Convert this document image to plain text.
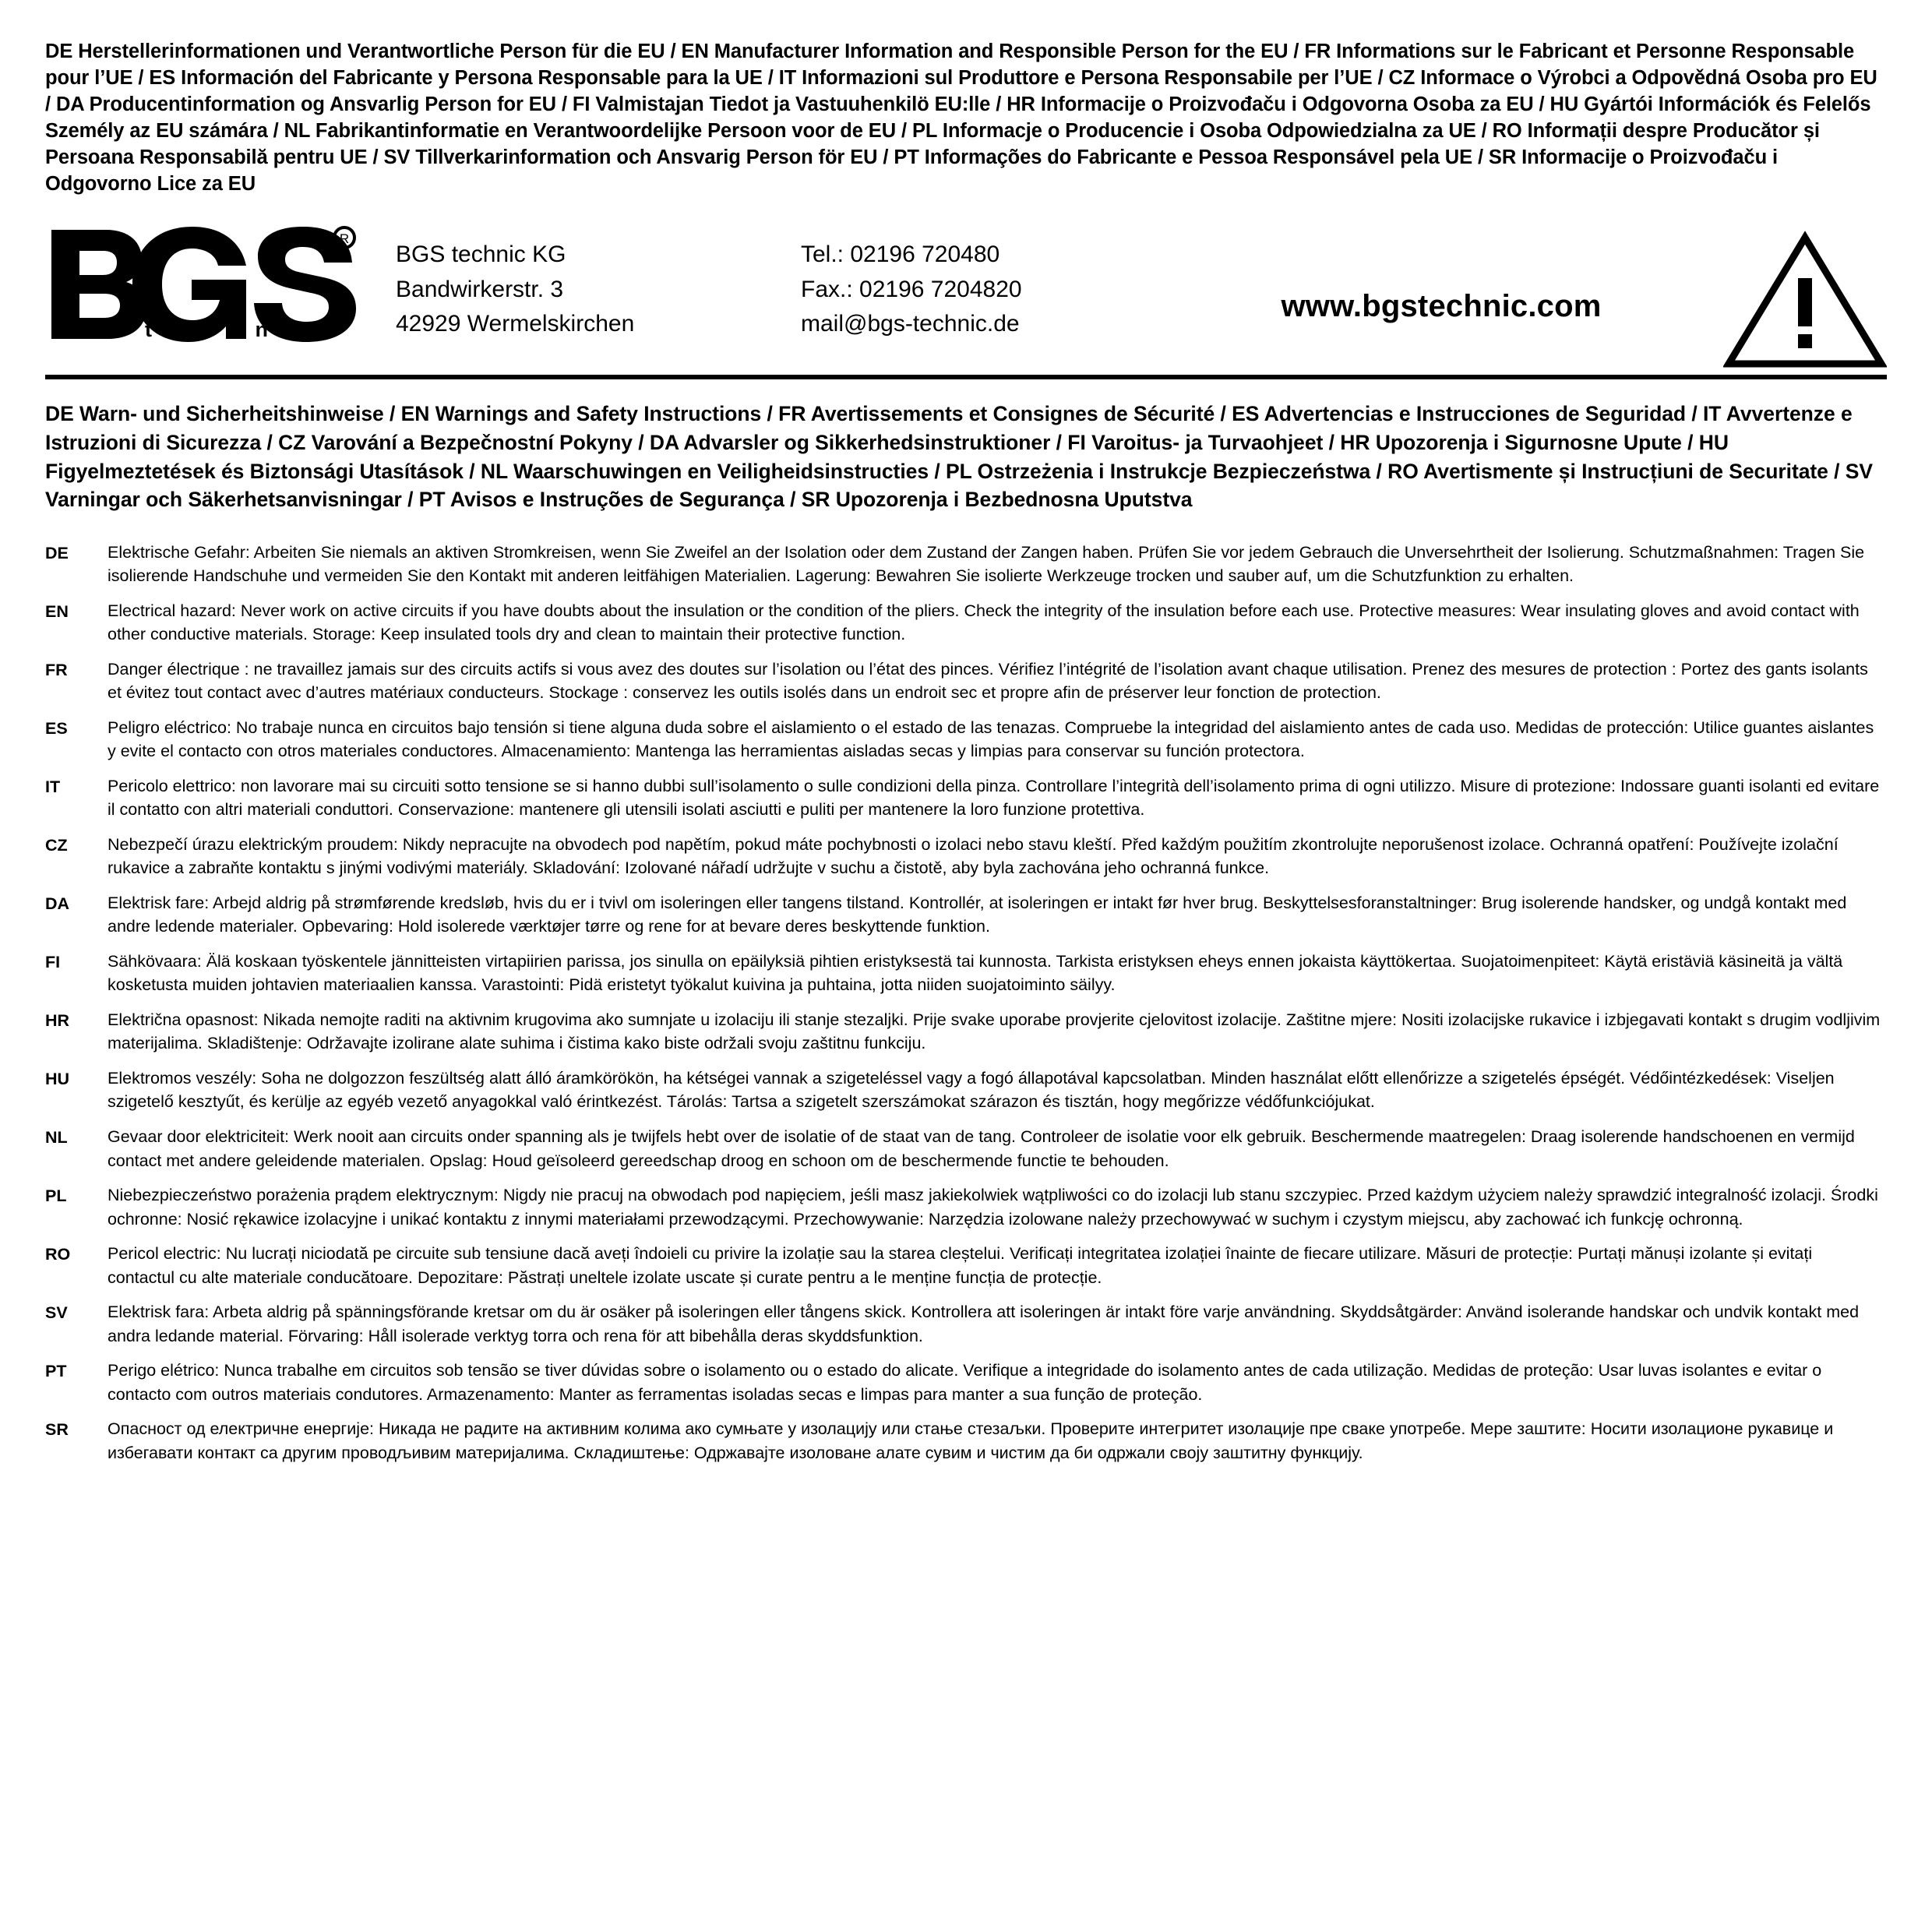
DE Herstellerinformationen und Verantwortliche Person für die EU / EN Manufacturer Information and Responsible Person for the EU / FR Informations sur le Fabricant et Personne Responsable pour l’UE / ES Información del Fabricante y Persona Responsable para la UE / IT Informazioni sul Produttore e Persona Responsabile per l’UE / CZ Informace o Výrobci a Odpovědná Osoba pro EU / DA Producentinformation og Ansvarlig Person for EU / FI Valmistajan Tiedot ja Vastuuhenkilö EU:lle / HR Informacije o Proizvođaču i Odgovorna Osoba za EU / HU Gyártói Információk és Felelős Személy az EU számára / NL Fabrikantinformatie en Verantwoordelijke Persoon voor de EU / PL Informacje o Producencie i Osoba Odpowiedzialna za UE / RO Informații despre Producător și Persoana Responsabilă pentru UE / SV Tillverkarinformation och Ansvarig Person för EU / PT Informações do Fabricante e Pessoa Responsável pela UE / SR Informacije o Proizvođaču i Odgovorno Lice za EU
R
t e c h n i c
BGS technic KG
Bandwirkerstr. 3
42929 Wermelskirchen
Tel.: 02196 720480
Fax.: 02196 7204820
mail@bgs-technic.de	www.bgstechnic.com
DE Warn- und Sicherheitshinweise / EN Warnings and Safety Instructions / FR Avertissements et Consignes de Sécurité / ES Advertencias e Instrucciones de Seguridad / IT Avvertenze e Istruzioni di Sicurezza / CZ Varování a Bezpečnostní Pokyny / DA Advarsler og Sikkerhedsinstruktioner / FI Varoitus- ja Turvaohjeet / HR Upozorenja i Sigurnosne Upute / HU Figyelmeztetések és Biztonsági Utasítások / NL Waarschuwingen en Veiligheidsinstructies / PL Ostrzeżenia i Instrukcje Bezpieczeństwa / RO Avertismente și Instrucțiuni de Securitate / SV Varningar och Säkerhetsanvisningar / PT Avisos e Instruções de Segurança / SR Upozorenja i Bezbednosna Uputstva
DE	Elektrische Gefahr: Arbeiten Sie niemals an aktiven Stromkreisen, wenn Sie Zweifel an der Isolation oder dem Zustand der Zangen haben. Prüfen Sie vor jedem Gebrauch die Unversehrtheit der Isolierung. Schutzmaßnahmen: Tragen Sie isolierende Handschuhe und vermeiden Sie den Kontakt mit anderen leitfähigen Materialien. Lagerung: Bewahren Sie isolierte Werkzeuge trocken und sauber auf, um die Schutzfunktion zu erhalten.
EN	Electrical hazard: Never work on active circuits if you have doubts about the insulation or the condition of the pliers. Check the integrity of the insulation before each use. Protective measures: Wear insulating gloves and avoid contact with other conductive materials. Storage: Keep insulated tools dry and clean to maintain their protective function.
FR	Danger électrique : ne travaillez jamais sur des circuits actifs si vous avez des doutes sur l’isolation ou l’état des pinces. Vérifiez l’intégrité de l’isolation avant chaque utilisation. Prenez des mesures de protection : Portez des gants isolants et évitez tout contact avec d’autres matériaux conducteurs. Stockage : conservez les outils isolés dans un endroit sec et propre afin de préserver leur fonction de protection.
ES	Peligro eléctrico: No trabaje nunca en circuitos bajo tensión si tiene alguna duda sobre el aislamiento o el estado de las tenazas. Compruebe la integridad del aislamiento antes de cada uso. Medidas de protección: Utilice guantes aislantes y evite el contacto con otros materiales conductores. Almacenamiento: Mantenga las herramientas aisladas secas y limpias para conservar su función protectora.
IT	Pericolo elettrico: non lavorare mai su circuiti sotto tensione se si hanno dubbi sull’isolamento o sulle condizioni della pinza. Controllare l’integrità dell’isolamento prima di ogni utilizzo. Misure di protezione: Indossare guanti isolanti ed evitare il contatto con altri materiali conduttori. Conservazione: mantenere gli utensili isolati asciutti e puliti per mantenere la loro funzione protettiva.
CZ	Nebezpečí úrazu elektrickým proudem: Nikdy nepracujte na obvodech pod napětím, pokud máte pochybnosti o izolaci nebo stavu kleští. Před každým použitím zkontrolujte neporušenost izolace. Ochranná opatření: Používejte izolační rukavice a zabraňte kontaktu s jinými vodivými materiály. Skladování: Izolované nářadí udržujte v suchu a čistotě, aby byla zachována jeho ochranná funkce.
DA	Elektrisk fare: Arbejd aldrig på strømførende kredsløb, hvis du er i tvivl om isoleringen eller tangens tilstand. Kontrollér, at isoleringen er intakt før hver brug. Beskyttelsesforanstaltninger: Brug isolerende handsker, og undgå kontakt med andre ledende materialer. Opbevaring: Hold isolerede værktøjer tørre og rene for at bevare deres beskyttende funktion.
FI	Sähkövaara: Älä koskaan työskentele jännitteisten virtapiirien parissa, jos sinulla on epäilyksiä pihtien eristyksestä tai kunnosta. Tarkista eristyksen eheys ennen jokaista käyttökertaa. Suojatoimenpiteet: Käytä eristäviä käsineitä ja vältä kosketusta muiden johtavien materiaalien kanssa. Varastointi: Pidä eristetyt työkalut kuivina ja puhtaina, jotta niiden suojatoiminto säilyy.
HR	Električna opasnost: Nikada nemojte raditi na aktivnim krugovima ako sumnjate u izolaciju ili stanje stezaljki. Prije svake uporabe provjerite cjelovitost izolacije. Zaštitne mjere: Nositi izolacijske rukavice i izbjegavati kontakt s drugim vodljivim materijalima. Skladištenje: Održavajte izolirane alate suhima i čistima kako biste održali svoju zaštitnu funkciju.
HU	Elektromos veszély: Soha ne dolgozzon feszültség alatt álló áramkörökön, ha kétségei vannak a szigeteléssel vagy a fogó állapotával kapcsolatban. Minden használat előtt ellenőrizze a szigetelés épségét. Védőintézkedések: Viseljen szigetelő kesztyűt, és kerülje az egyéb vezető anyagokkal való érintkezést. Tárolás: Tartsa a szigetelt szerszámokat szárazon és tisztán, hogy megőrizze védőfunkciójukat.
NL	Gevaar door elektriciteit: Werk nooit aan circuits onder spanning als je twijfels hebt over de isolatie of de staat van de tang. Controleer de isolatie voor elk gebruik. Beschermende maatregelen: Draag isolerende handschoenen en vermijd contact met andere geleidende materialen. Opslag: Houd geïsoleerd gereedschap droog en schoon om de beschermende functie te behouden.
PL	Niebezpieczeństwo porażenia prądem elektrycznym: Nigdy nie pracuj na obwodach pod napięciem, jeśli masz jakiekolwiek wątpliwości co do izolacji lub stanu szczypiec. Przed każdym użyciem należy sprawdzić integralność izolacji. Środki ochronne: Nosić rękawice izolacyjne i unikać kontaktu z innymi materiałami przewodzącymi. Przechowywanie: Narzędzia izolowane należy przechowywać w suchym i czystym miejscu, aby zachować ich funkcję ochronną.
RO	Pericol electric: Nu lucrați niciodată pe circuite sub tensiune dacă aveți îndoieli cu privire la izolație sau la starea cleștelui. Verificați integritatea izolației înainte de fiecare utilizare. Măsuri de protecție: Purtați mănuși izolante și evitați contactul cu alte materiale conducătoare. Depozitare: Păstrați uneltele izolate uscate și curate pentru a le menține funcția de protecție.
SV	Elektrisk fara: Arbeta aldrig på spänningsförande kretsar om du är osäker på isoleringen eller tångens skick. Kontrollera att isoleringen är intakt före varje användning. Skyddsåtgärder: Använd isolerande handskar och undvik kontakt med andra ledande material. Förvaring: Håll isolerade verktyg torra och rena för att bibehålla deras skyddsfunktion.
PT	Perigo elétrico: Nunca trabalhe em circuitos sob tensão se tiver dúvidas sobre o isolamento ou o estado do alicate. Verifique a integridade do isolamento antes de cada utilização. Medidas de proteção: Usar luvas isolantes e evitar o contacto com outros materiais condutores. Armazenamento: Manter as ferramentas isoladas secas e limpas para manter a sua função de proteção.
SR	Опасност од електричне енергије: Никада не радите на активним колима ако сумњате у изолацију или стање стезаљки. Проверите интегритет изолације пре сваке употребе. Мере заштите: Носити изолационе рукавице и избегавати контакт са другим проводљивим материјалима. Складиштење: Одржавајте изоловане алате сувим и чистим да би одржали своју заштитну функцију.
